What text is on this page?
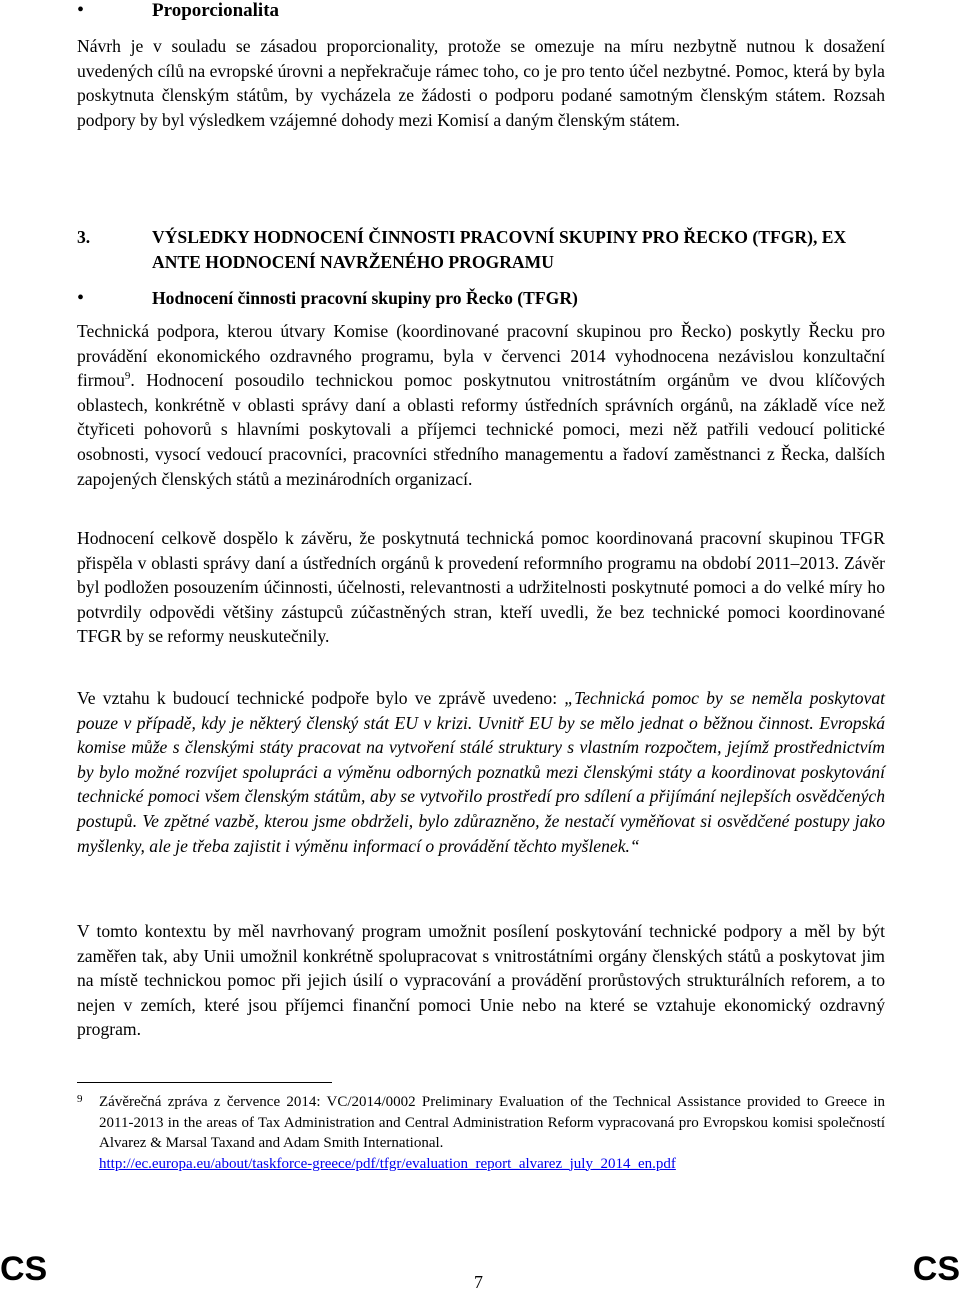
•	Proporcionalita

Návrh je v souladu se zásadou proporcionality, protože se omezuje na míru nezbytně nutnou k dosažení uvedených cílů na evropské úrovni a nepřekračuje rámec toho, co je pro tento účel nezbytné. Pomoc, která by byla poskytnuta členským státům, by vycházela ze žádosti o podporu podané samotným členským státem. Rozsah podpory by byl výsledkem vzájemné dohody mezi Komisí a daným členským státem.

3.	VÝSLEDKY HODNOCENÍ ČINNOSTI PRACOVNÍ SKUPINY PRO ŘECKO (TFGR), EX ANTE HODNOCENÍ NAVRŽENÉHO PROGRAMU
•	Hodnocení činnosti pracovní skupiny pro Řecko (TFGR)

Technická podpora, kterou útvary Komise (koordinované pracovní skupinou pro Řecko) poskytly Řecku pro provádění ekonomického ozdravného programu, byla v červenci 2014 vyhodnocena nezávislou konzultační firmou$^9$. Hodnocení posoudilo technickou pomoc poskytnutou vnitrostátním orgánům ve dvou klíčových oblastech, konkrétně v oblasti správy daní a oblasti reformy ústředních správních orgánů, na základě více než čtyřiceti pohovorů s hlavními poskytovali a příjemci technické pomoci, mezi něž patřili vedoucí politické osobnosti, vysocí vedoucí pracovníci, pracovníci středního managementu a řadoví zaměstnanci z Řecka, dalších zapojených členských států a mezinárodních organizací.

Hodnocení celkově dospělo k závěru, že poskytnutá technická pomoc koordinovaná pracovní skupinou TFGR přispěla v oblasti správy daní a ústředních orgánů k provedení reformního programu na období 2011–2013. Závěr byl podložen posouzením účinnosti, účelnosti, relevantnosti a udržitelnosti poskytnuté pomoci a do velké míry ho potvrdily odpovědi většiny zástupců zúčastněných stran, kteří uvedli, že bez technické pomoci koordinované TFGR by se reformy neuskutečnily.

Ve vztahu k budoucí technické podpoře bylo ve zprávě uvedeno: „Technická pomoc by se neměla poskytovat pouze v případě, kdy je některý členský stát EU v krizi. Uvnitř EU by se mělo jednat o běžnou činnost. Evropská komise může s členskými státy pracovat na vytvoření stálé struktury s vlastním rozpočtem, jejímž prostřednictvím by bylo možné rozvíjet spolupráci a výměnu odborných poznatků mezi členskými státy a koordinovat poskytování technické pomoci všem členským státům, aby se vytvořilo prostředí pro sdílení a přijímání nejlepších osvědčených postupů. Ve zpětné vazbě, kterou jsme obdrželi, bylo zdůrazněno, že nestačí vyměňovat si osvědčené postupy jako myšlenky, ale je třeba zajistit i výměnu informací o provádění těchto myšlenek.“

V tomto kontextu by měl navrhovaný program umožnit posílení poskytování technické podpory a měl by být zaměřen tak, aby Unii umožnil konkrétně spolupracovat s vnitrostátními orgány členských států a poskytovat jim na místě technickou pomoc při jejich úsilí o vypracování a provádění prorůstových strukturálních reforem, a to nejen v zemích, které jsou příjemci finanční pomoci Unie nebo na které se vztahuje ekonomický ozdravný program.

9	Závěrečná zpráva z července 2014: VC/2014/0002 Preliminary Evaluation of the Technical Assistance provided to Greece in 2011-2013 in the areas of Tax Administration and Central Administration Reform vypracovaná pro Evropskou komisi společností Alvarez & Marsal Taxand and Adam Smith International.
http://ec.europa.eu/about/taskforce-greece/pdf/tfgr/evaluation_report_alvarez_july_2014_en.pdf
CS	7	CS
